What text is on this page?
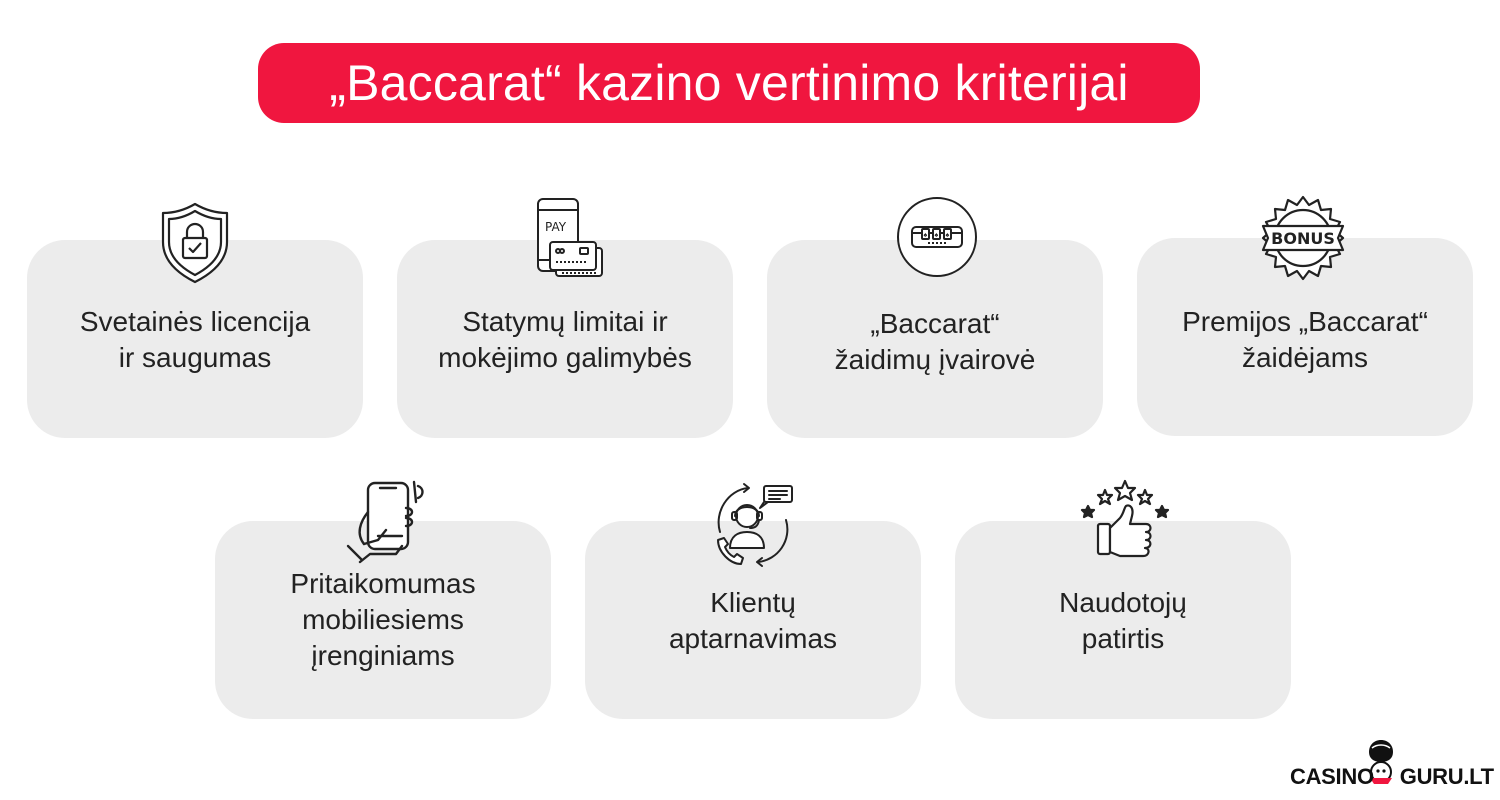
„Baccarat“ kazino vertinimo kriterijai
Svetainės licencija
ir saugumas
Statymų limitai ir
mokėjimo galimybės
„Baccarat“
žaidimų įvairovė
Premijos „Baccarat“
žaidėjams
Pritaikomumas
mobiliesiems
įrenginiams
Klientų
aptarnavimas
Naudotojų
patirtis
PAY
♠ ♠ ♠	BONUS
CASINO GURU.LT
